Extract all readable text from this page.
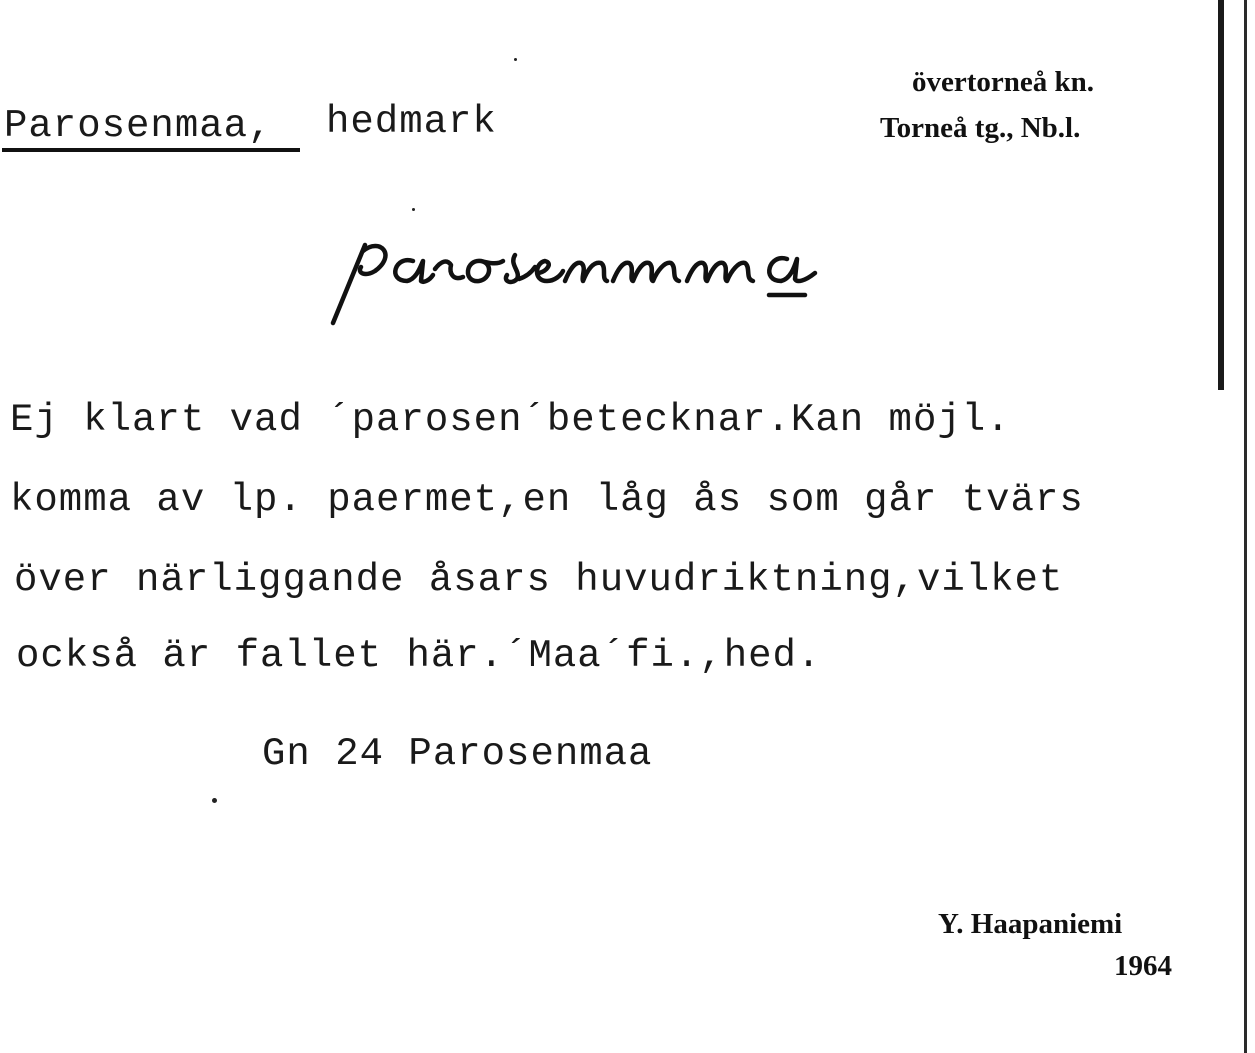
Parosenmaa, hedmark
övertorneå kn.
Torneå tg., Nb.l.
Ej klart vad ´parosen´betecknar.Kan möjl.
komma av lp. paermet,en låg ås som går tvärs
över närliggande åsars huvudriktning,vilket
också är fallet här.´Maa´fi.,hed.
Gn 24 Parosenmaa
Y. Haapaniemi
1964
